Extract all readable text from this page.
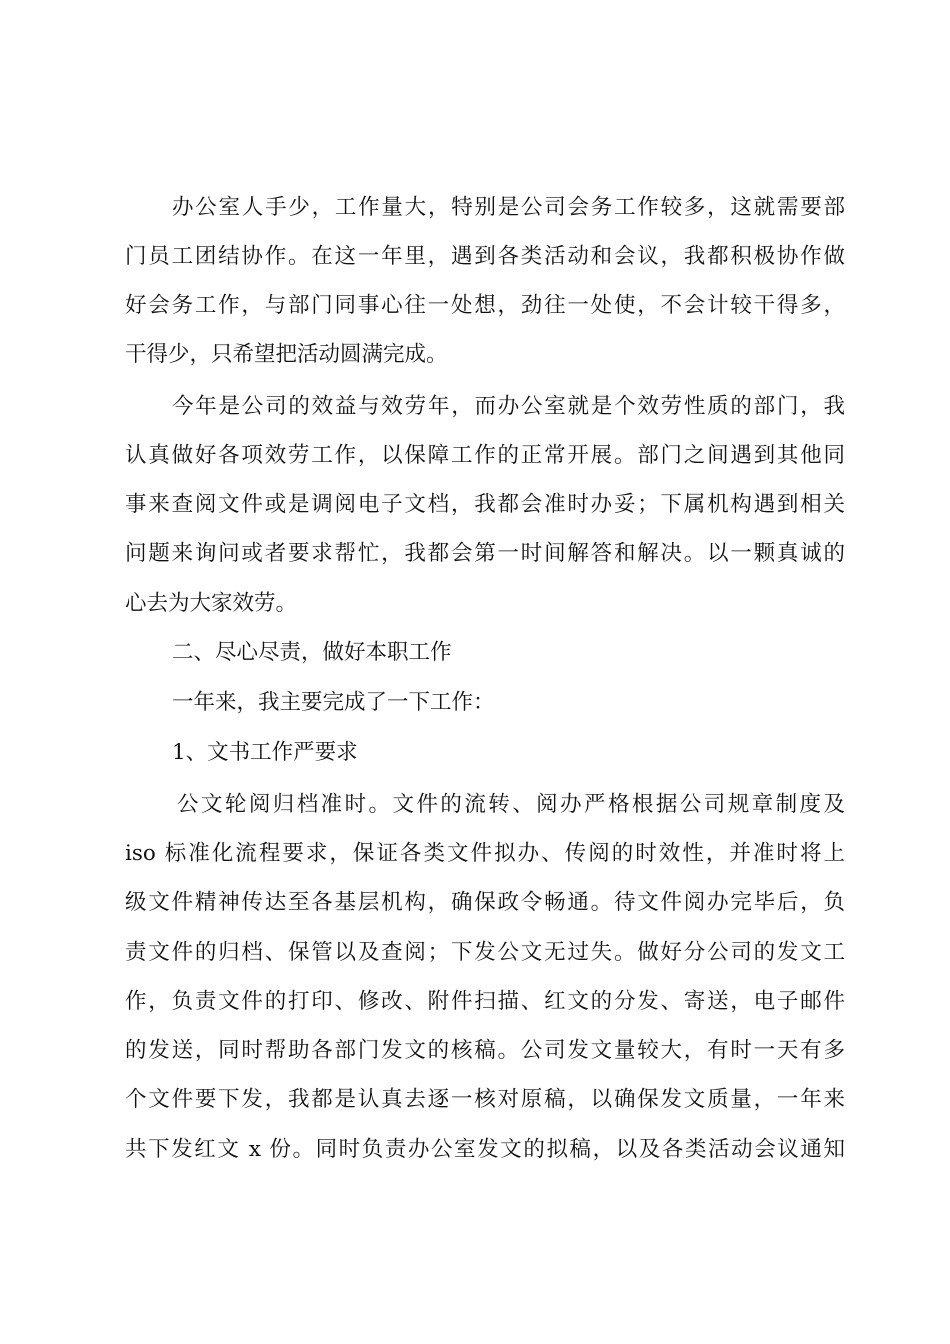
办公室人手少，工作量大，特别是公司会务工作较多，这就需要部
门员工团结协作。在这一年里，遇到各类活动和会议，我都积极协作做
好会务工作，与部门同事心往一处想，劲往一处使，不会计较干得多，
干得少，只希望把活动圆满完成。
今年是公司的效益与效劳年，而办公室就是个效劳性质的部门，我
认真做好各项效劳工作，以保障工作的正常开展。部门之间遇到其他同
事来查阅文件或是调阅电子文档，我都会准时办妥；下属机构遇到相关
问题来询问或者要求帮忙，我都会第一时间解答和解决。以一颗真诚的
心去为大家效劳。
二、尽心尽责，做好本职工作
一年来，我主要完成了一下工作：
1、文书工作严要求
公文轮阅归档准时。文件的流转、阅办严格根据公司规章制度及
iso 标准化流程要求，保证各类文件拟办、传阅的时效性，并准时将上
级文件精神传达至各基层机构，确保政令畅通。待文件阅办完毕后，负
责文件的归档、保管以及查阅；下发公文无过失。做好分公司的发文工
作，负责文件的打印、修改、附件扫描、红文的分发、寄送，电子邮件
的发送，同时帮助各部门发文的核稿。公司发文量较大，有时一天有多
个文件要下发，我都是认真去逐一核对原稿，以确保发文质量，一年来
共下发红文 x 份。同时负责办公室发文的拟稿，以及各类活动会议通知
